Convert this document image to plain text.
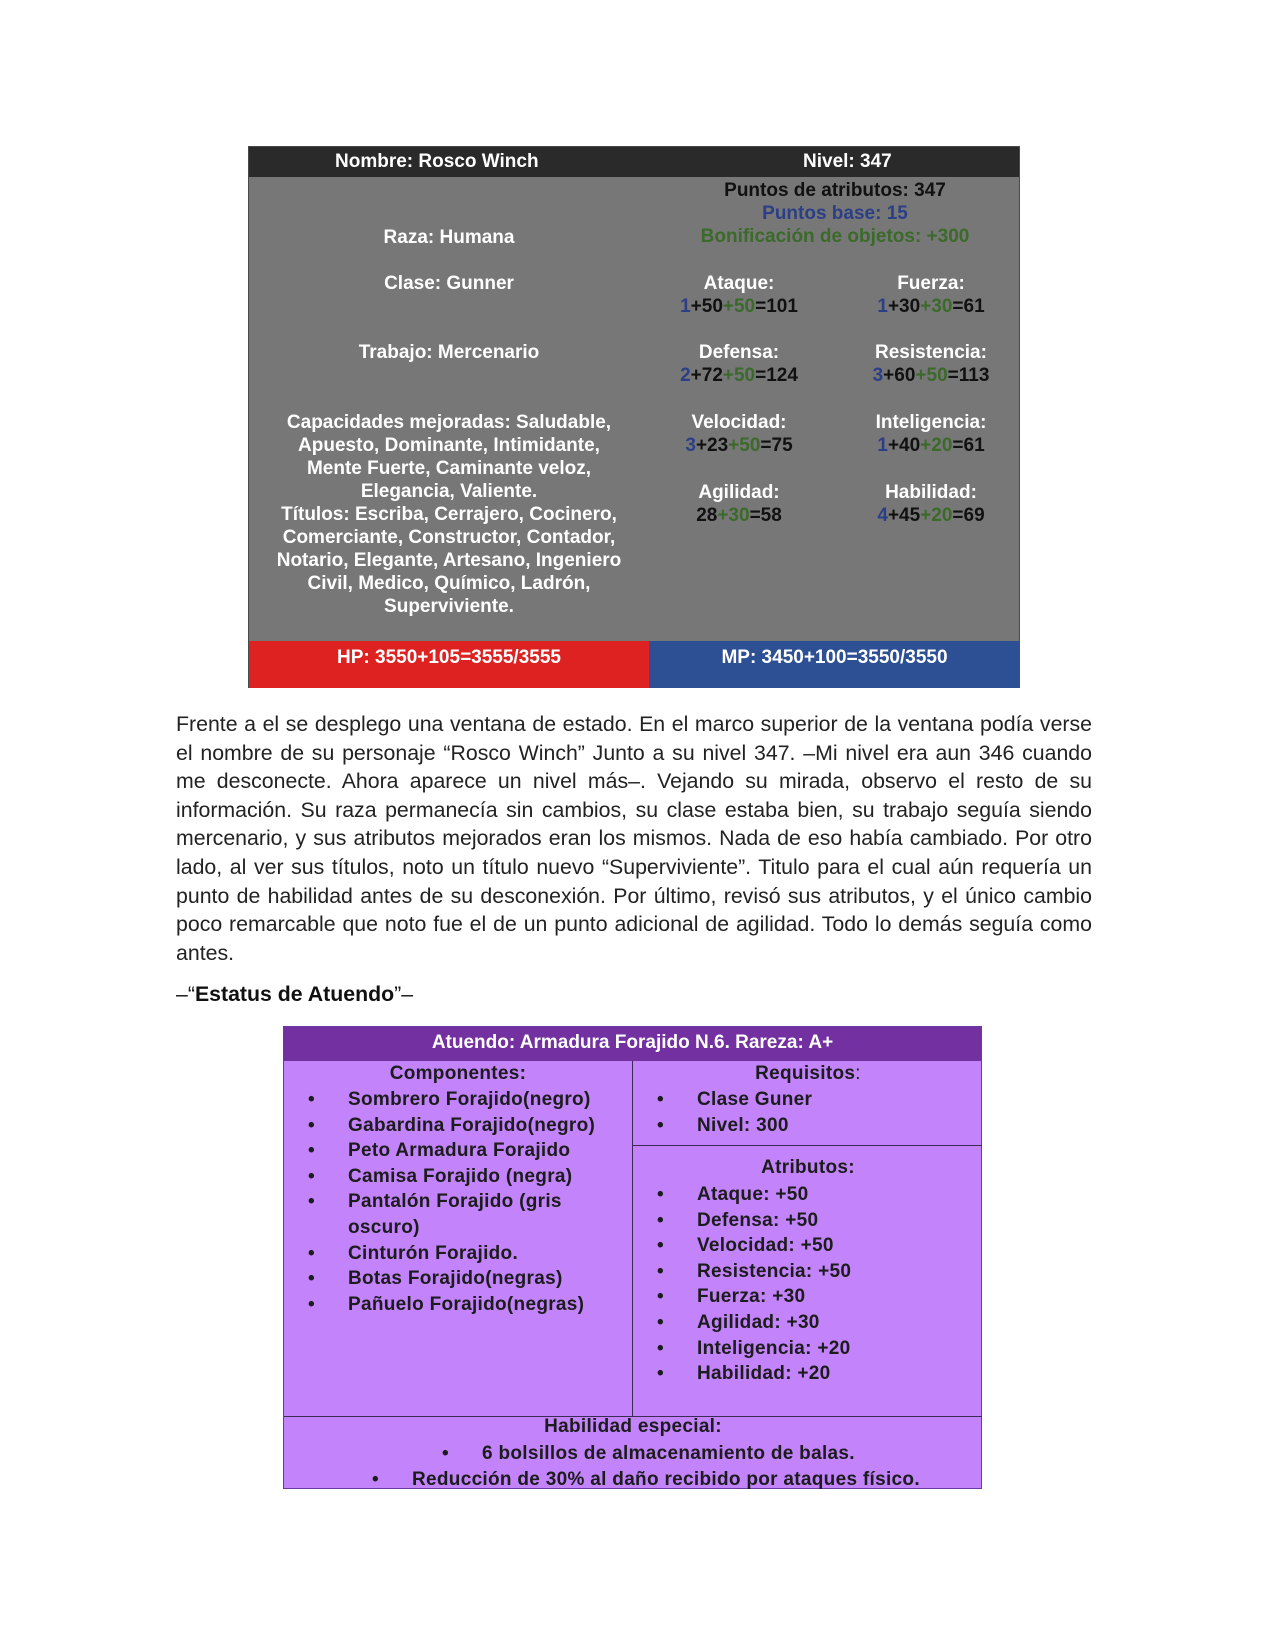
Nombre: Rosco Winch	Nivel: 347
Puntos de atributos: 347
Puntos base: 15
Bonificación de objetos: +300
Raza: Humana
Clase: Gunner
Trabajo: Mercenario
Capacidades mejoradas: Saludable,
Apuesto, Dominante, Intimidante,
Mente Fuerte, Caminante veloz,
Elegancia, Valiente.
Títulos: Escriba, Cerrajero, Cocinero,
Comerciante, Constructor, Contador,
Notario, Elegante, Artesano, Ingeniero
Civil, Medico, Químico, Ladrón,
Superviviente.
Ataque:
1+50+50=101
Fuerza:
1+30+30=61
Defensa:
2+72+50=124
Resistencia:
3+60+50=113
Velocidad:
3+23+50=75
Inteligencia:
1+40+20=61
Agilidad:
28+30=58
Habilidad:
4+45+20=69
HP: 3550+105=3555/3555	MP: 3450+100=3550/3550

Frente a el se desplego una ventana de estado. En el marco superior de la ventana podía verse el nombre de su personaje “Rosco Winch” Junto a su nivel 347. –Mi nivel era aun 346 cuando me desconecte. Ahora aparece un nivel más–. Vejando su mirada, observo el resto de su información. Su raza permanecía sin cambios, su clase estaba bien, su trabajo seguía siendo mercenario, y sus atributos mejorados eran los mismos. Nada de eso había cambiado. Por otro lado, al ver sus títulos, noto un título nuevo “Superviviente”. Titulo para el cual aún requería un punto de habilidad antes de su desconexión. Por último, revisó sus atributos, y el único cambio poco remarcable que noto fue el de un punto adicional de agilidad. Todo lo demás seguía como antes.

–“Estatus de Atuendo”–
Atuendo: Armadura Forajido N.6. Rareza: A+
Componentes:
• Sombrero Forajido(negro)
• Gabardina Forajido(negro)
• Peto Armadura Forajido
• Camisa Forajido (negra)
• Pantalón Forajido (gris oscuro)
• Cinturón Forajido.
• Botas Forajido(negras)
• Pañuelo Forajido(negras)
Requisitos:
• Clase Guner
• Nivel: 300
Atributos:
• Ataque: +50
• Defensa: +50
• Velocidad: +50
• Resistencia: +50
• Fuerza: +30
• Agilidad: +30
• Inteligencia: +20
• Habilidad: +20
Habilidad especial:
• 6 bolsillos de almacenamiento de balas.
• Reducción de 30% al daño recibido por ataques físico.
